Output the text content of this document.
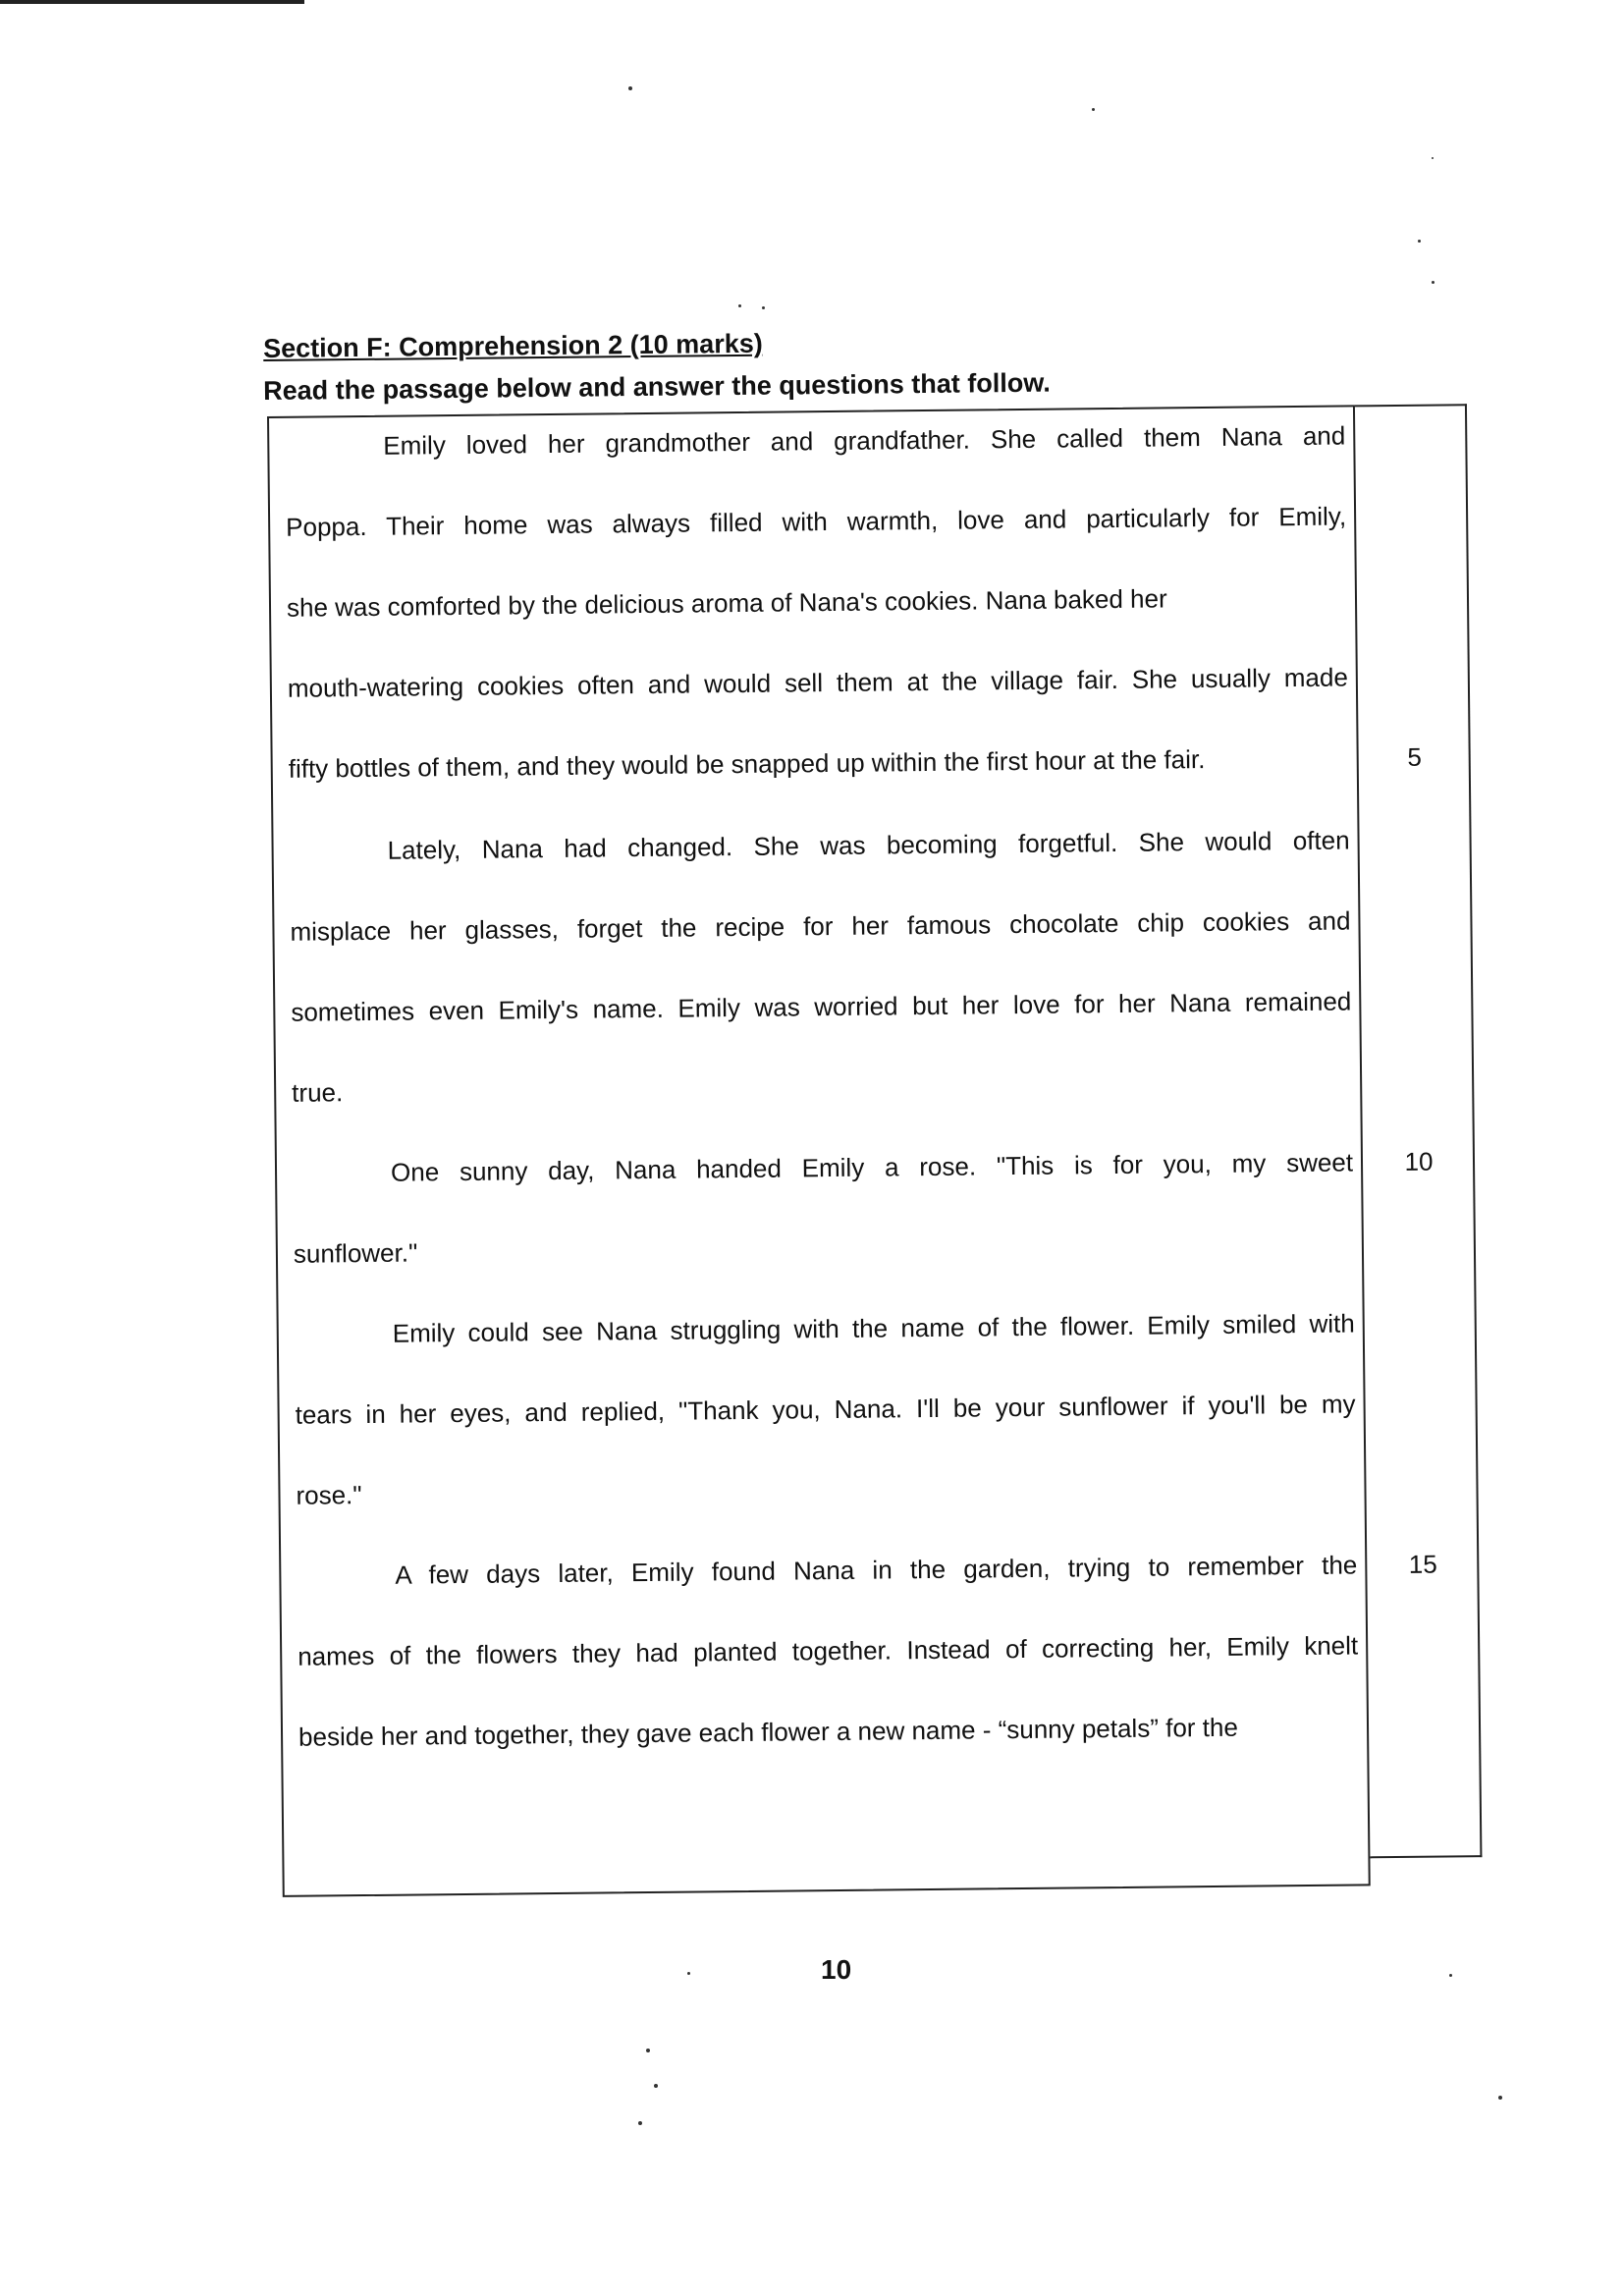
Section F: Comprehension 2 (10 marks)
Read the passage below and answer the questions that follow.
Emily loved her grandmother and grandfather. She called them Nana and
Poppa. Their home was always filled with warmth, love and particularly for Emily,
she was comforted by the delicious aroma of Nana's cookies. Nana baked her
mouth-watering cookies often and would sell them at the village fair. She usually made
fifty bottles of them, and they would be snapped up within the first hour at the fair.
Lately, Nana had changed. She was becoming forgetful. She would often
misplace her glasses, forget the recipe for her famous chocolate chip cookies and
sometimes even Emily's name. Emily was worried but her love for her Nana remained
true.
One sunny day, Nana handed Emily a rose. "This is for you, my sweet
sunflower."
Emily could see Nana struggling with the name of the flower. Emily smiled with
tears in her eyes, and replied, "Thank you, Nana. I'll be your sunflower if you'll be my
rose."
A few days later, Emily found Nana in the garden, trying to remember the
names of the flowers they had planted together. Instead of correcting her, Emily knelt
beside her and together, they gave each flower a new name - “sunny petals” for the
5
10
15
10
